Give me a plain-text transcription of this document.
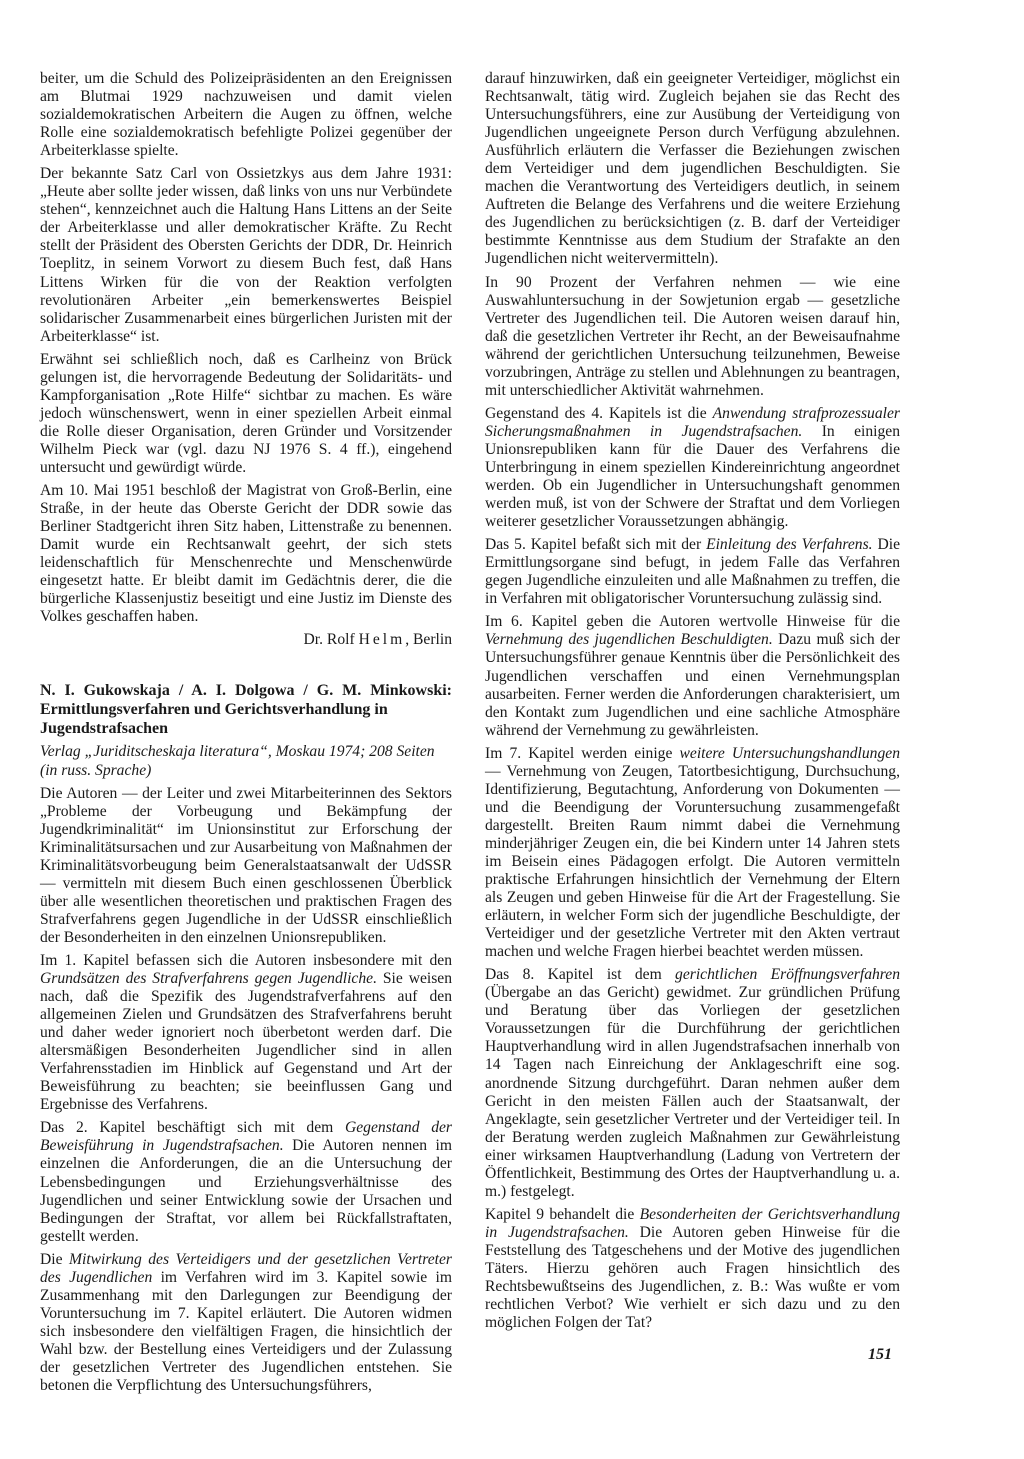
beiter, um die Schuld des Polizeipräsidenten an den Ereignissen am Blutmai 1929 nachzuweisen und damit vielen sozialdemokratischen Arbeitern die Augen zu öffnen, welche Rolle eine sozialdemokratisch befehligte Polizei gegenüber der Arbeiterklasse spielte.

Der bekannte Satz Carl von Ossietzkys aus dem Jahre 1931: „Heute aber sollte jeder wissen, daß links von uns nur Verbündete stehen“, kennzeichnet auch die Haltung Hans Littens an der Seite der Arbeiterklasse und aller demokratischer Kräfte. Zu Recht stellt der Präsident des Obersten Gerichts der DDR, Dr. Heinrich Toeplitz, in seinem Vorwort zu diesem Buch fest, daß Hans Littens Wirken für die von der Reaktion verfolgten revolutionären Arbeiter „ein bemerkenswertes Beispiel solidarischer Zusammenarbeit eines bürgerlichen Juristen mit der Arbeiterklasse“ ist.

Erwähnt sei schließlich noch, daß es Carlheinz von Brück gelungen ist, die hervorragende Bedeutung der Solidaritäts- und Kampforganisation „Rote Hilfe“ sichtbar zu machen. Es wäre jedoch wünschenswert, wenn in einer speziellen Arbeit einmal die Rolle dieser Organisation, deren Gründer und Vorsitzender Wilhelm Pieck war (vgl. dazu NJ 1976 S. 4 ff.), eingehend untersucht und gewürdigt würde.

Am 10. Mai 1951 beschloß der Magistrat von Groß-Berlin, eine Straße, in der heute das Oberste Gericht der DDR sowie das Berliner Stadtgericht ihren Sitz haben, Littenstraße zu benennen. Damit wurde ein Rechtsanwalt geehrt, der sich stets leidenschaftlich für Menschenrechte und Menschenwürde eingesetzt hatte. Er bleibt damit im Gedächtnis derer, die die bürgerliche Klassenjustiz beseitigt und eine Justiz im Dienste des Volkes geschaffen haben.

Dr. Rolf Helm, Berlin

N. I. Gukowskaja / A. I. Dolgowa / G. M. Minkowski:

Ermittlungsverfahren und Gerichtsverhandlung in Jugendstrafsachen

Verlag „Juriditscheskaja literatura“, Moskau 1974; 208 Seiten (in russ. Sprache)

Die Autoren — der Leiter und zwei Mitarbeiterinnen des Sektors „Probleme der Vorbeugung und Bekämpfung der Jugendkriminalität“ im Unionsinstitut zur Erforschung der Kriminalitätsursachen und zur Ausarbeitung von Maßnahmen der Kriminalitätsvorbeugung beim Generalstaatsanwalt der UdSSR — vermitteln mit diesem Buch einen geschlossenen Überblick über alle wesentlichen theoretischen und praktischen Fragen des Strafverfahrens gegen Jugendliche in der UdSSR einschließlich der Besonderheiten in den einzelnen Unionsrepubliken.

Im 1. Kapitel befassen sich die Autoren insbesondere mit den Grundsätzen des Strafverfahrens gegen Jugendliche. Sie weisen nach, daß die Spezifik des Jugendstrafverfahrens auf den allgemeinen Zielen und Grundsätzen des Strafverfahrens beruht und daher weder ignoriert noch überbetont werden darf. Die altersmäßigen Besonderheiten Jugendlicher sind in allen Verfahrensstadien im Hinblick auf Gegenstand und Art der Beweisführung zu beachten; sie beeinflussen Gang und Ergebnisse des Verfahrens.

Das 2. Kapitel beschäftigt sich mit dem Gegenstand der Beweisführung in Jugendstrafsachen. Die Autoren nennen im einzelnen die Anforderungen, die an die Untersuchung der Lebensbedingungen und Erziehungsverhältnisse des Jugendlichen und seiner Entwicklung sowie der Ursachen und Bedingungen der Straftat, vor allem bei Rückfallstraftaten, gestellt werden.

Die Mitwirkung des Verteidigers und der gesetzlichen Vertreter des Jugendlichen im Verfahren wird im 3. Kapitel sowie im Zusammenhang mit den Darlegungen zur Beendigung der Voruntersuchung im 7. Kapitel erläutert. Die Autoren widmen sich insbesondere den vielfältigen Fragen, die hinsichtlich der Wahl bzw. der Bestellung eines Verteidigers und der Zulassung der gesetzlichen Vertreter des Jugendlichen entstehen. Sie betonen die Verpflichtung des Untersuchungsführers,

darauf hinzuwirken, daß ein geeigneter Verteidiger, möglichst ein Rechtsanwalt, tätig wird. Zugleich bejahen sie das Recht des Untersuchungsführers, eine zur Ausübung der Verteidigung von Jugendlichen ungeeignete Person durch Verfügung abzulehnen. Ausführlich erläutern die Verfasser die Beziehungen zwischen dem Verteidiger und dem jugendlichen Beschuldigten. Sie machen die Verantwortung des Verteidigers deutlich, in seinem Auftreten die Belange des Verfahrens und die weitere Erziehung des Jugendlichen zu berücksichtigen (z. B. darf der Verteidiger bestimmte Kenntnisse aus dem Studium der Strafakte an den Jugendlichen nicht weitervermitteln).

In 90 Prozent der Verfahren nehmen — wie eine Auswahluntersuchung in der Sowjetunion ergab — gesetzliche Vertreter des Jugendlichen teil. Die Autoren weisen darauf hin, daß die gesetzlichen Vertreter ihr Recht, an der Beweisaufnahme während der gerichtlichen Untersuchung teilzunehmen, Beweise vorzubringen, Anträge zu stellen und Ablehnungen zu beantragen, mit unterschiedlicher Aktivität wahrnehmen.

Gegenstand des 4. Kapitels ist die Anwendung strafprozessualer Sicherungsmaßnahmen in Jugendstrafsachen. In einigen Unionsrepubliken kann für die Dauer des Verfahrens die Unterbringung in einem speziellen Kindereinrichtung angeordnet werden. Ob ein Jugendlicher in Untersuchungshaft genommen werden muß, ist von der Schwere der Straftat und dem Vorliegen weiterer gesetzlicher Voraussetzungen abhängig.

Das 5. Kapitel befaßt sich mit der Einleitung des Verfahrens. Die Ermittlungsorgane sind befugt, in jedem Falle das Verfahren gegen Jugendliche einzuleiten und alle Maßnahmen zu treffen, die in Verfahren mit obligatorischer Voruntersuchung zulässig sind.

Im 6. Kapitel geben die Autoren wertvolle Hinweise für die Vernehmung des jugendlichen Beschuldigten. Dazu muß sich der Untersuchungsführer genaue Kenntnis über die Persönlichkeit des Jugendlichen verschaffen und einen Vernehmungsplan ausarbeiten. Ferner werden die Anforderungen charakterisiert, um den Kontakt zum Jugendlichen und eine sachliche Atmosphäre während der Vernehmung zu gewährleisten.

Im 7. Kapitel werden einige weitere Untersuchungshandlungen — Vernehmung von Zeugen, Tatortbesichtigung, Durchsuchung, Identifizierung, Begutachtung, Anforderung von Dokumenten — und die Beendigung der Voruntersuchung zusammengefaßt dargestellt. Breiten Raum nimmt dabei die Vernehmung minderjähriger Zeugen ein, die bei Kindern unter 14 Jahren stets im Beisein eines Pädagogen erfolgt. Die Autoren vermitteln praktische Erfahrungen hinsichtlich der Vernehmung der Eltern als Zeugen und geben Hinweise für die Art der Fragestellung. Sie erläutern, in welcher Form sich der jugendliche Beschuldigte, der Verteidiger und der gesetzliche Vertreter mit den Akten vertraut machen und welche Fragen hierbei beachtet werden müssen.

Das 8. Kapitel ist dem gerichtlichen Eröffnungsverfahren (Übergabe an das Gericht) gewidmet. Zur gründlichen Prüfung und Beratung über das Vorliegen der gesetzlichen Voraussetzungen für die Durchführung der gerichtlichen Hauptverhandlung wird in allen Jugendstrafsachen innerhalb von 14 Tagen nach Einreichung der Anklageschrift eine sog. anordnende Sitzung durchgeführt. Daran nehmen außer dem Gericht in den meisten Fällen auch der Staatsanwalt, der Angeklagte, sein gesetzlicher Vertreter und der Verteidiger teil. In der Beratung werden zugleich Maßnahmen zur Gewährleistung einer wirksamen Hauptverhandlung (Ladung von Vertretern der Öffentlichkeit, Bestimmung des Ortes der Hauptverhandlung u. a. m.) festgelegt.

Kapitel 9 behandelt die Besonderheiten der Gerichtsverhandlung in Jugendstrafsachen. Die Autoren geben Hinweise für die Feststellung des Tatgeschehens und der Motive des jugendlichen Täters. Hierzu gehören auch Fragen hinsichtlich des Rechtsbewußtseins des Jugendlichen, z. B.: Was wußte er vom rechtlichen Verbot? Wie verhielt er sich dazu und zu den möglichen Folgen der Tat?

151
